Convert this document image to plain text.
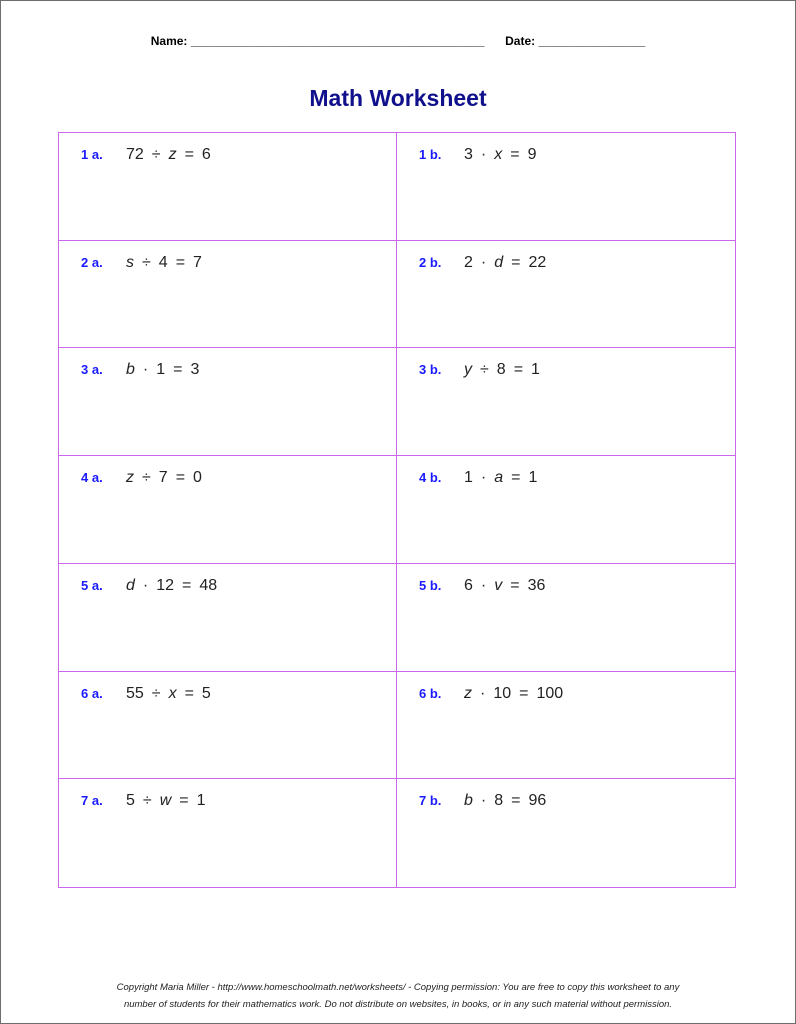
Name: ____________________________________________ Date: ________________
Math Worksheet
1 a. 72 ÷ z = 6	1 b. 3 · x = 9
2 a. s ÷ 4 = 7	2 b. 2 · d = 22
3 a. b · 1 = 3	3 b. y ÷ 8 = 1
4 a. z ÷ 7 = 0	4 b. 1 · a = 1
5 a. d · 12 = 48	5 b. 6 · v = 36
6 a. 55 ÷ x = 5	6 b. z · 10 = 100
7 a. 5 ÷ w = 1	7 b. b · 8 = 96
Copyright Maria Miller - http://www.homeschoolmath.net/worksheets/ - Copying permission: You are free to copy this worksheet to any
number of students for their mathematics work. Do not distribute on websites, in books, or in any such material without permission.
